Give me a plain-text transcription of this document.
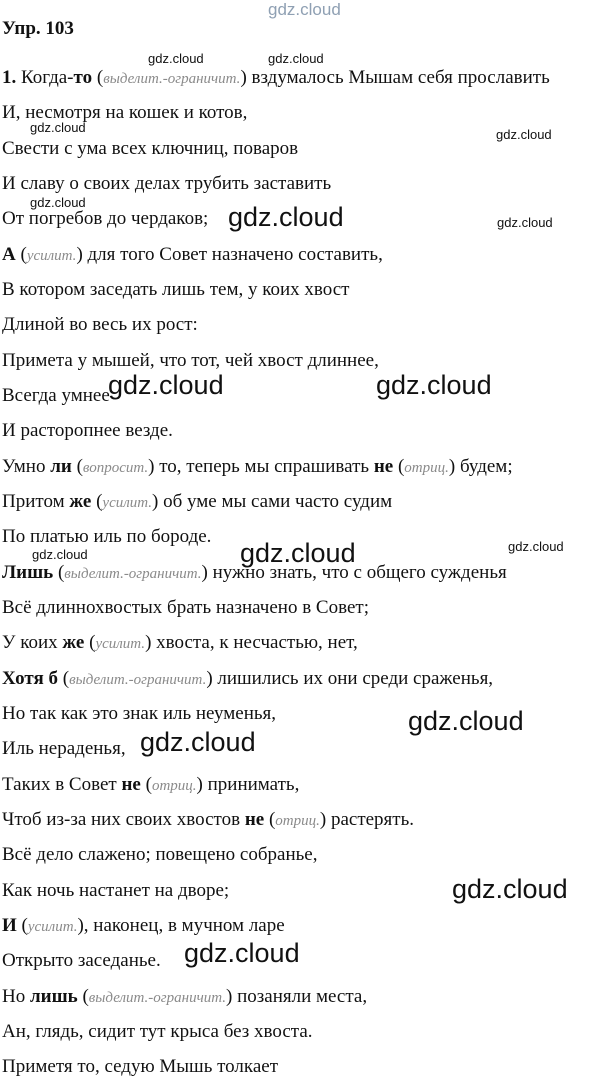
gdz.cloud
Упр. 103
1. Когда-то (выделит.-ограничит.) вздумалось Мышам себя прославить
И, несмотря на кошек и котов,
Свести с ума всех ключниц, поваров
И славу о своих делах трубить заставить
От погребов до чердаков;
А (усилит.) для того Совет назначено составить,
В котором заседать лишь тем, у коих хвост
Длиной во весь их рост:
Примета у мышей, что тот, чей хвост длиннее,
Всегда умнее
И расторопнее везде.
Умно ли (вопросит.) то, теперь мы спрашивать не (отриц.) будем;
Притом же (усилит.) об уме мы сами часто судим
По платью иль по бороде.
Лишь (выделит.-ограничит.) нужно знать, что с общего сужденья
Всё длиннохвостых брать назначено в Совет;
У коих же (усилит.) хвоста, к несчастью, нет,
Хотя б (выделит.-ограничит.) лишились их они среди сраженья,
Но так как это знак иль неуменья,
Иль нераденья,
Таких в Совет не (отриц.) принимать,
Чтоб из-за них своих хвостов не (отриц.) растерять.
Всё дело слажено; повещено собранье,
Как ночь настанет на дворе;
И (усилит.), наконец, в мучном ларе
Открыто заседанье.
Но лишь (выделит.-ограничит.) позаняли места,
Ан, глядь, сидит тут крыса без хвоста.
Приметя то, седую Мышь толкает
gdz.cloud	gdz.cloud
gdz.cloud	gdz.cloud
gdz.cloud	gdz.cloud	gdz.cloud
gdz.cloud	gdz.cloud
gdz.cloud
gdz.cloud
gdz.cloud
gdz.cloud
gdz.cloud
gdz.cloud
gdz.cloud
